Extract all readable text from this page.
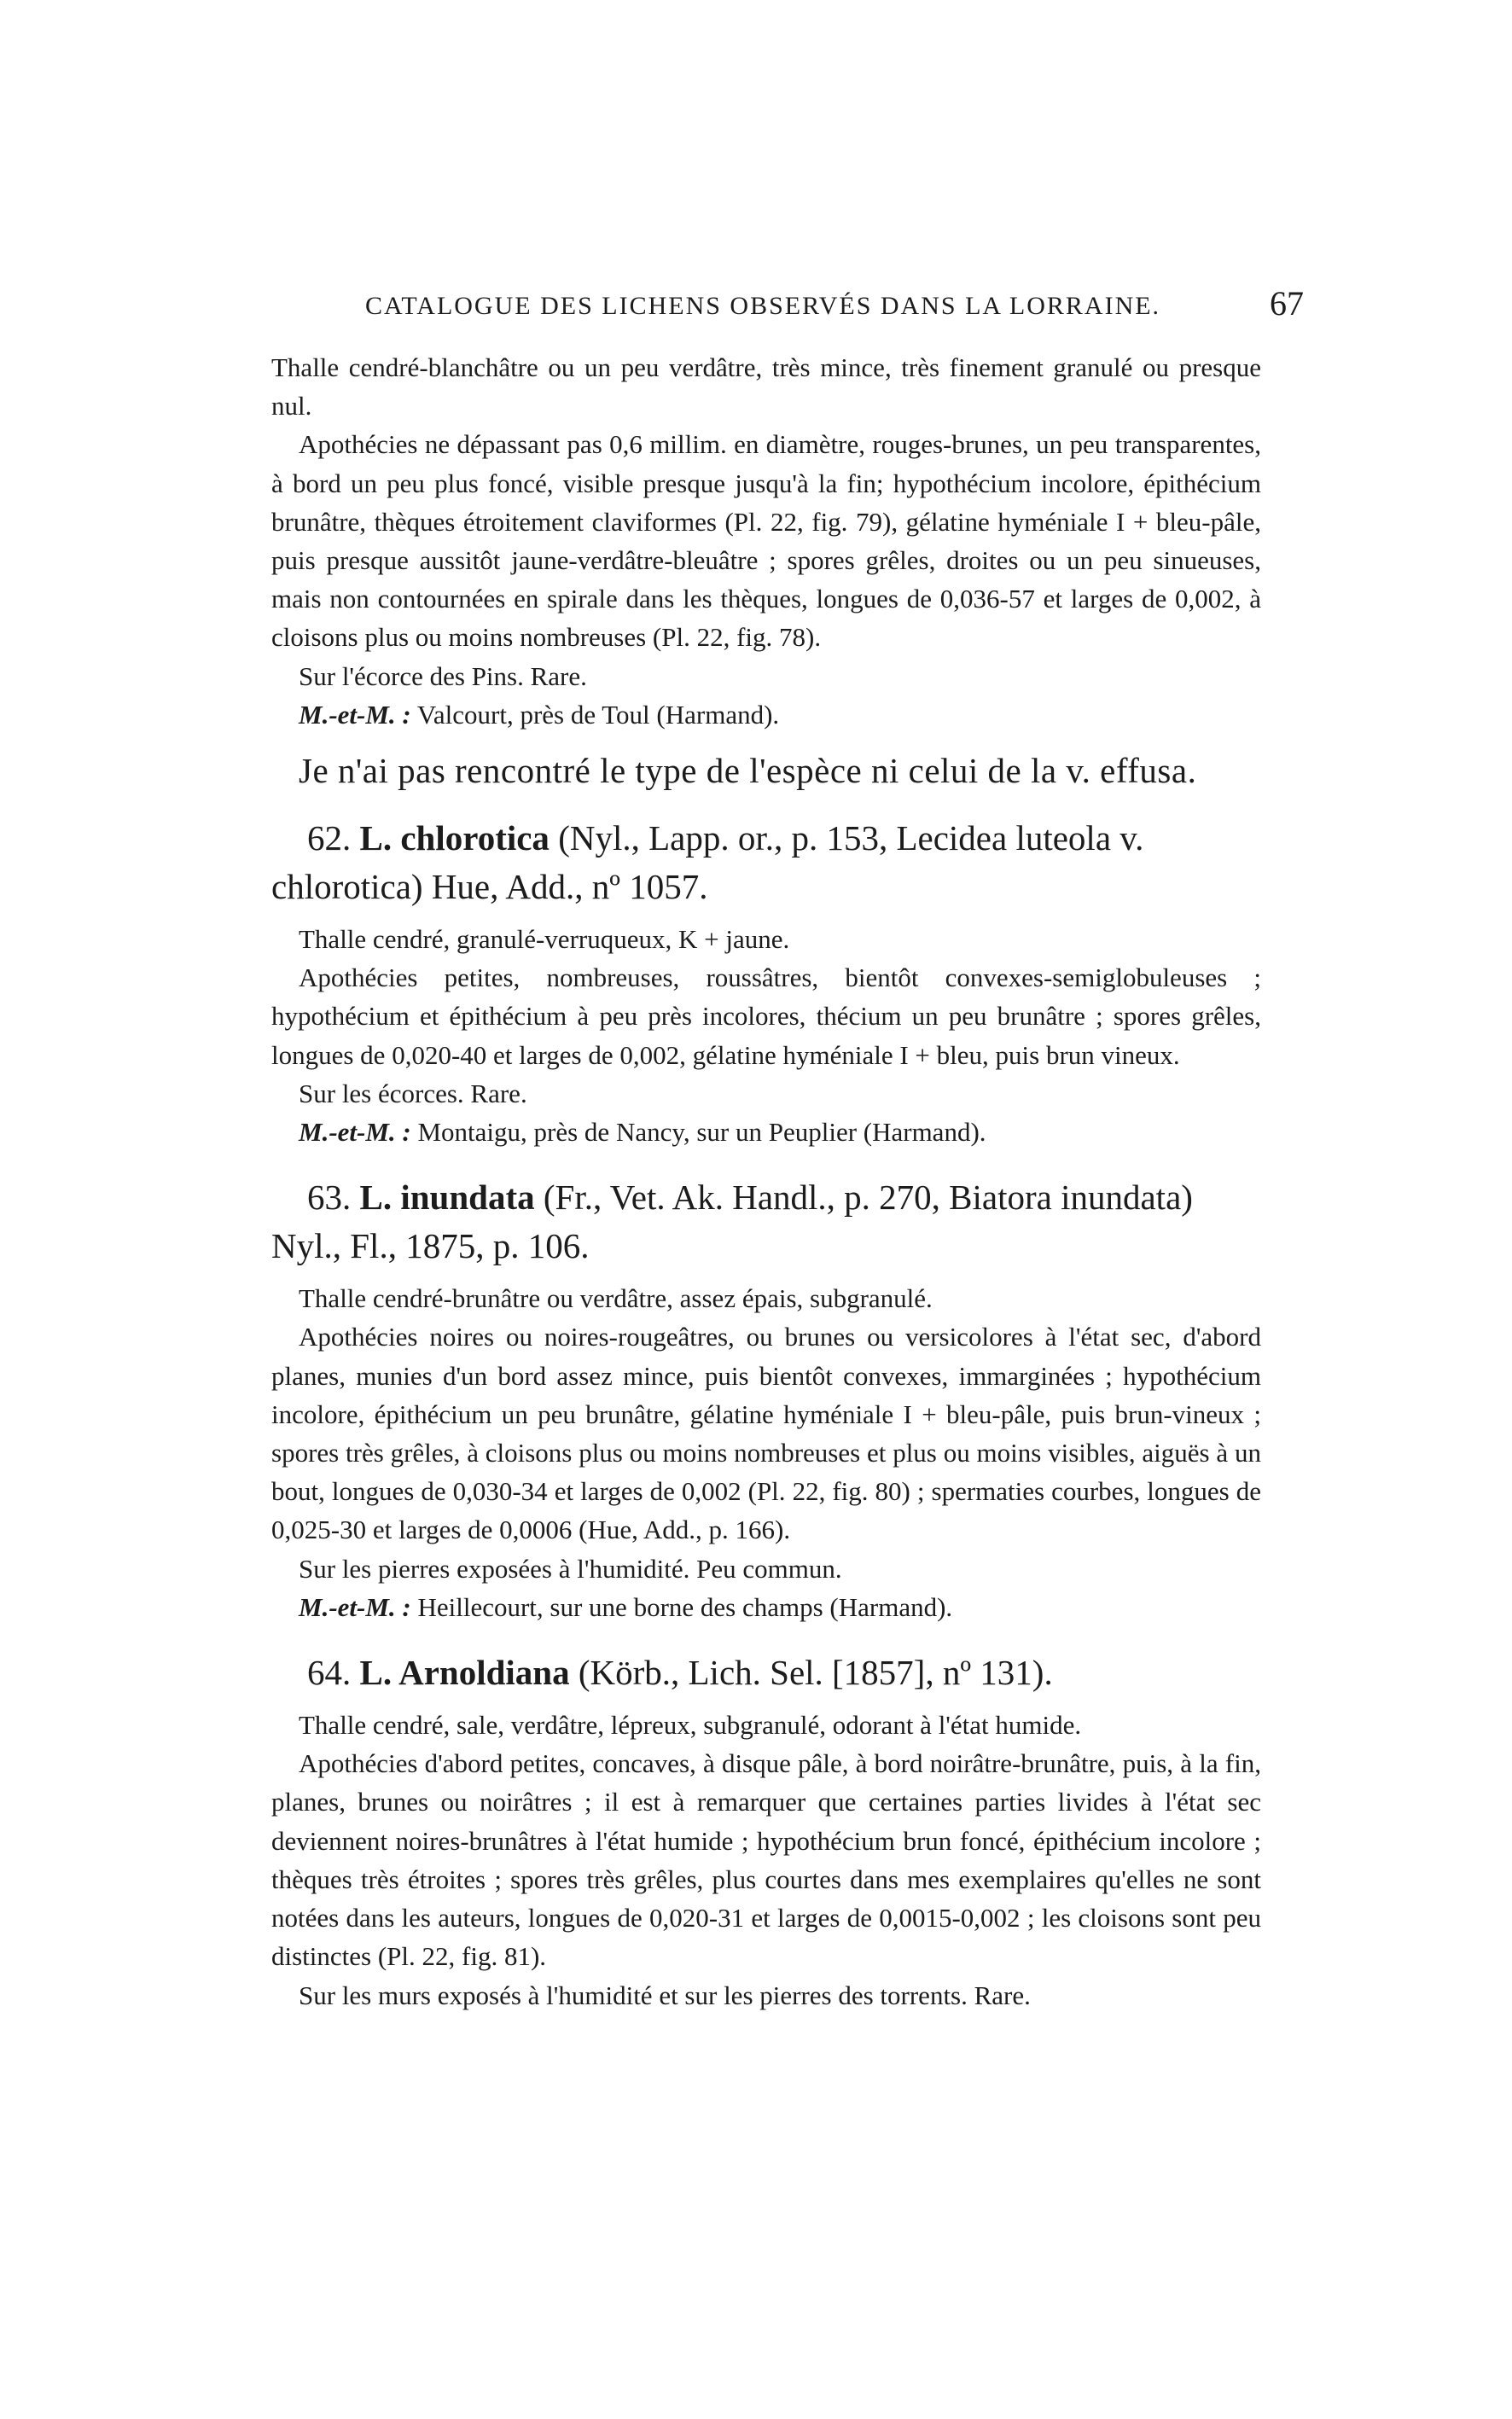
CATALOGUE DES LICHENS OBSERVÉS DANS LA LORRAINE.	67

Thalle cendré-blanchâtre ou un peu verdâtre, très mince, très finement granulé ou presque nul.

Apothécies ne dépassant pas 0,6 millim. en diamètre, rouges-brunes, un peu transparentes, à bord un peu plus foncé, visible presque jusqu'à la fin; hypothécium incolore, épithécium brunâtre, thèques étroitement claviformes (Pl. 22, fig. 79), gélatine hyméniale I + bleu-pâle, puis presque aussitôt jaune-verdâtre-bleuâtre ; spores grêles, droites ou un peu sinueuses, mais non contournées en spirale dans les thèques, longues de 0,036-57 et larges de 0,002, à cloisons plus ou moins nombreuses (Pl. 22, fig. 78).

Sur l'écorce des Pins. Rare.

M.-et-M. : Valcourt, près de Toul (Harmand).

Je n'ai pas rencontré le type de l'espèce ni celui de la v. effusa.

62. L. chlorotica (Nyl., Lapp. or., p. 153, Lecidea luteola v. chlorotica) Hue, Add., nº 1057.

Thalle cendré, granulé-verruqueux, K + jaune.

Apothécies petites, nombreuses, roussâtres, bientôt convexes-semiglobuleuses ; hypothécium et épithécium à peu près incolores, thécium un peu brunâtre ; spores grêles, longues de 0,020-40 et larges de 0,002, gélatine hyméniale I + bleu, puis brun vineux.

Sur les écorces. Rare.

M.-et-M. : Montaigu, près de Nancy, sur un Peuplier (Harmand).

63. L. inundata (Fr., Vet. Ak. Handl., p. 270, Biatora inundata) Nyl., Fl., 1875, p. 106.

Thalle cendré-brunâtre ou verdâtre, assez épais, subgranulé.

Apothécies noires ou noires-rougeâtres, ou brunes ou versicolores à l'état sec, d'abord planes, munies d'un bord assez mince, puis bientôt convexes, immarginées ; hypothécium incolore, épithécium un peu brunâtre, gélatine hyméniale I + bleu-pâle, puis brun-vineux ; spores très grêles, à cloisons plus ou moins nombreuses et plus ou moins visibles, aiguës à un bout, longues de 0,030-34 et larges de 0,002 (Pl. 22, fig. 80) ; spermaties courbes, longues de 0,025-30 et larges de 0,0006 (Hue, Add., p. 166).

Sur les pierres exposées à l'humidité. Peu commun.

M.-et-M. : Heillecourt, sur une borne des champs (Harmand).

64. L. Arnoldiana (Körb., Lich. Sel. [1857], nº 131).

Thalle cendré, sale, verdâtre, lépreux, subgranulé, odorant à l'état humide.

Apothécies d'abord petites, concaves, à disque pâle, à bord noirâtre-brunâtre, puis, à la fin, planes, brunes ou noirâtres ; il est à remarquer que certaines parties livides à l'état sec deviennent noires-brunâtres à l'état humide ; hypothécium brun foncé, épithécium incolore ; thèques très étroites ; spores très grêles, plus courtes dans mes exemplaires qu'elles ne sont notées dans les auteurs, longues de 0,020-31 et larges de 0,0015-0,002 ; les cloisons sont peu distinctes (Pl. 22, fig. 81).

Sur les murs exposés à l'humidité et sur les pierres des torrents. Rare.
